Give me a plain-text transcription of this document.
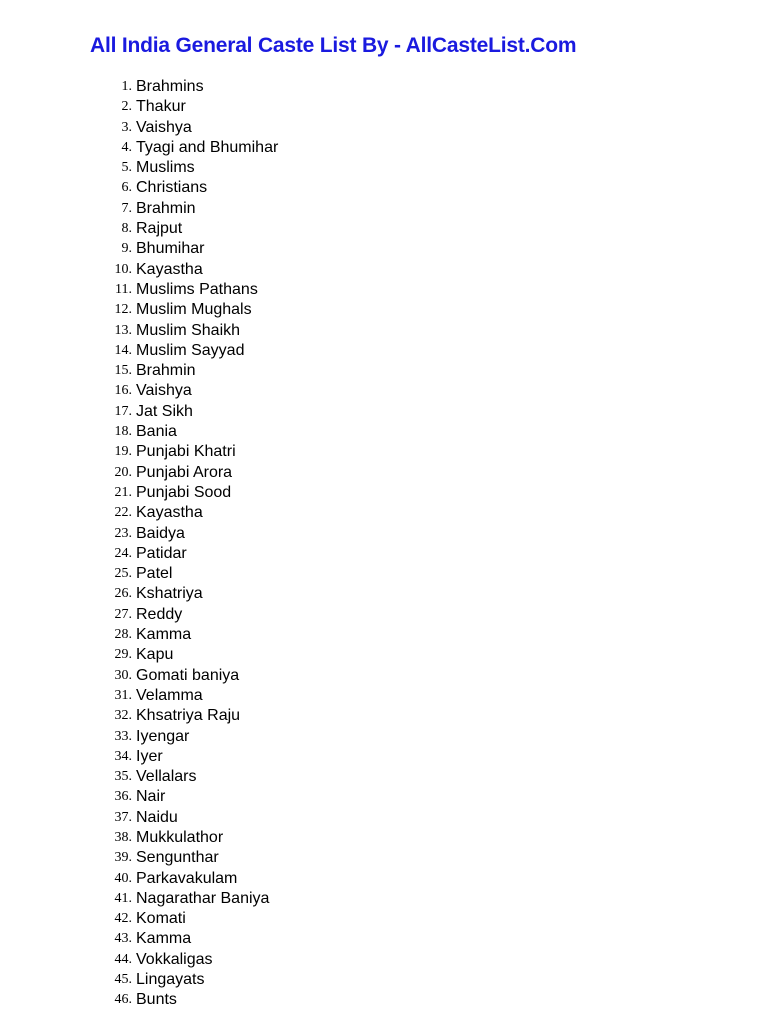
All India General Caste List By - AllCasteList.Com
1. Brahmins
2. Thakur
3. Vaishya
4. Tyagi and Bhumihar
5. Muslims
6. Christians
7. Brahmin
8. Rajput
9. Bhumihar
10. Kayastha
11. Muslims Pathans
12. Muslim Mughals
13. Muslim Shaikh
14. Muslim Sayyad
15. Brahmin
16. Vaishya
17. Jat Sikh
18. Bania
19. Punjabi Khatri
20. Punjabi Arora
21. Punjabi Sood
22. Kayastha
23. Baidya
24. Patidar
25. Patel
26. Kshatriya
27. Reddy
28. Kamma
29. Kapu
30. Gomati baniya
31. Velamma
32. Khsatriya Raju
33. Iyengar
34. Iyer
35. Vellalars
36. Nair
37. Naidu
38. Mukkulathor
39. Sengunthar
40. Parkavakulam
41. Nagarathar Baniya
42. Komati
43. Kamma
44. Vokkaligas
45. Lingayats
46. Bunts
